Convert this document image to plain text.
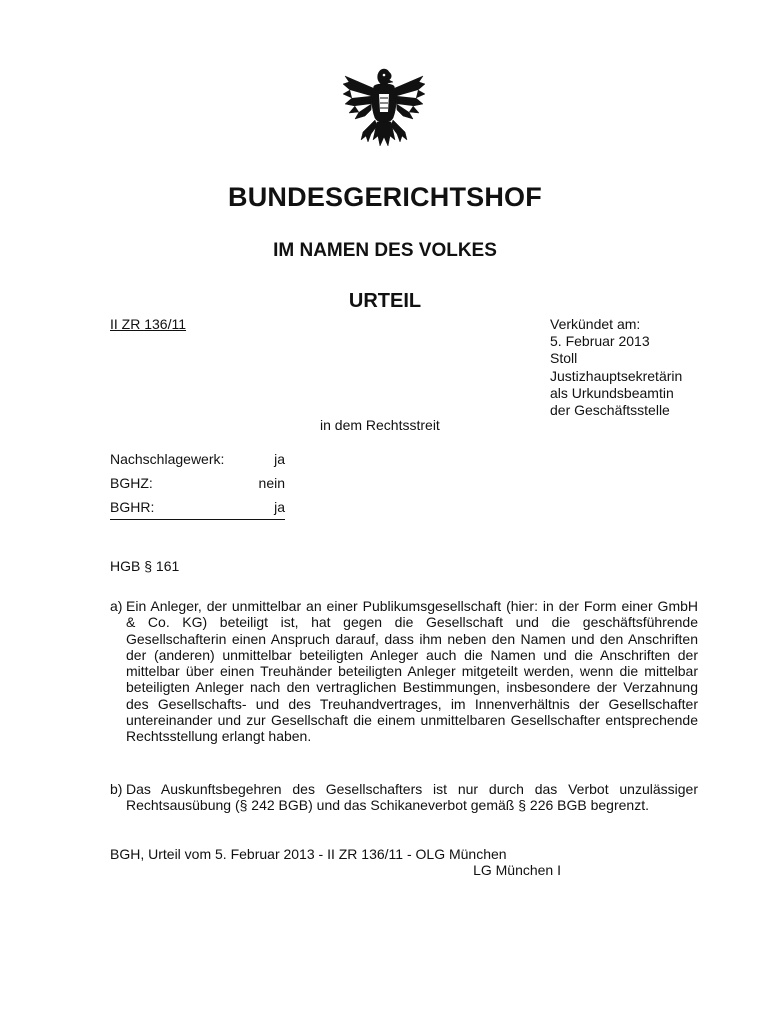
BUNDESGERICHTSHOF
IM NAMEN DES VOLKES
URTEIL
II ZR 136/11	Verkündet am:
5. Februar 2013
Stoll
Justizhauptsekretärin
als Urkundsbeamtin
der Geschäftsstelle
in dem Rechtsstreit
Nachschlagewerk:	ja
BGHZ:	nein
BGHR:	ja
HGB § 161
a) Ein Anleger, der unmittelbar an einer Publikumsgesellschaft (hier: in der Form einer GmbH & Co. KG) beteiligt ist, hat gegen die Gesellschaft und die geschäftsführende Gesellschafterin einen Anspruch darauf, dass ihm neben den Namen und den Anschriften der (anderen) unmittelbar beteiligten Anleger auch die Namen und die Anschriften der mittelbar über einen Treuhänder beteiligten Anleger mitgeteilt werden, wenn die mittelbar beteiligten Anleger nach den vertraglichen Bestimmungen, insbesondere der Verzahnung des Gesellschafts- und des Treuhandvertrages, im Innenverhältnis der Gesellschafter untereinander und zur Gesellschaft die einem unmittelbaren Gesellschafter entsprechende Rechtsstellung erlangt haben.
b) Das Auskunftsbegehren des Gesellschafters ist nur durch das Verbot unzulässiger Rechtsausübung (§ 242 BGB) und das Schikaneverbot gemäß § 226 BGB begrenzt.
BGH, Urteil vom 5. Februar 2013 - II ZR 136/11 - OLG München
LG München I
